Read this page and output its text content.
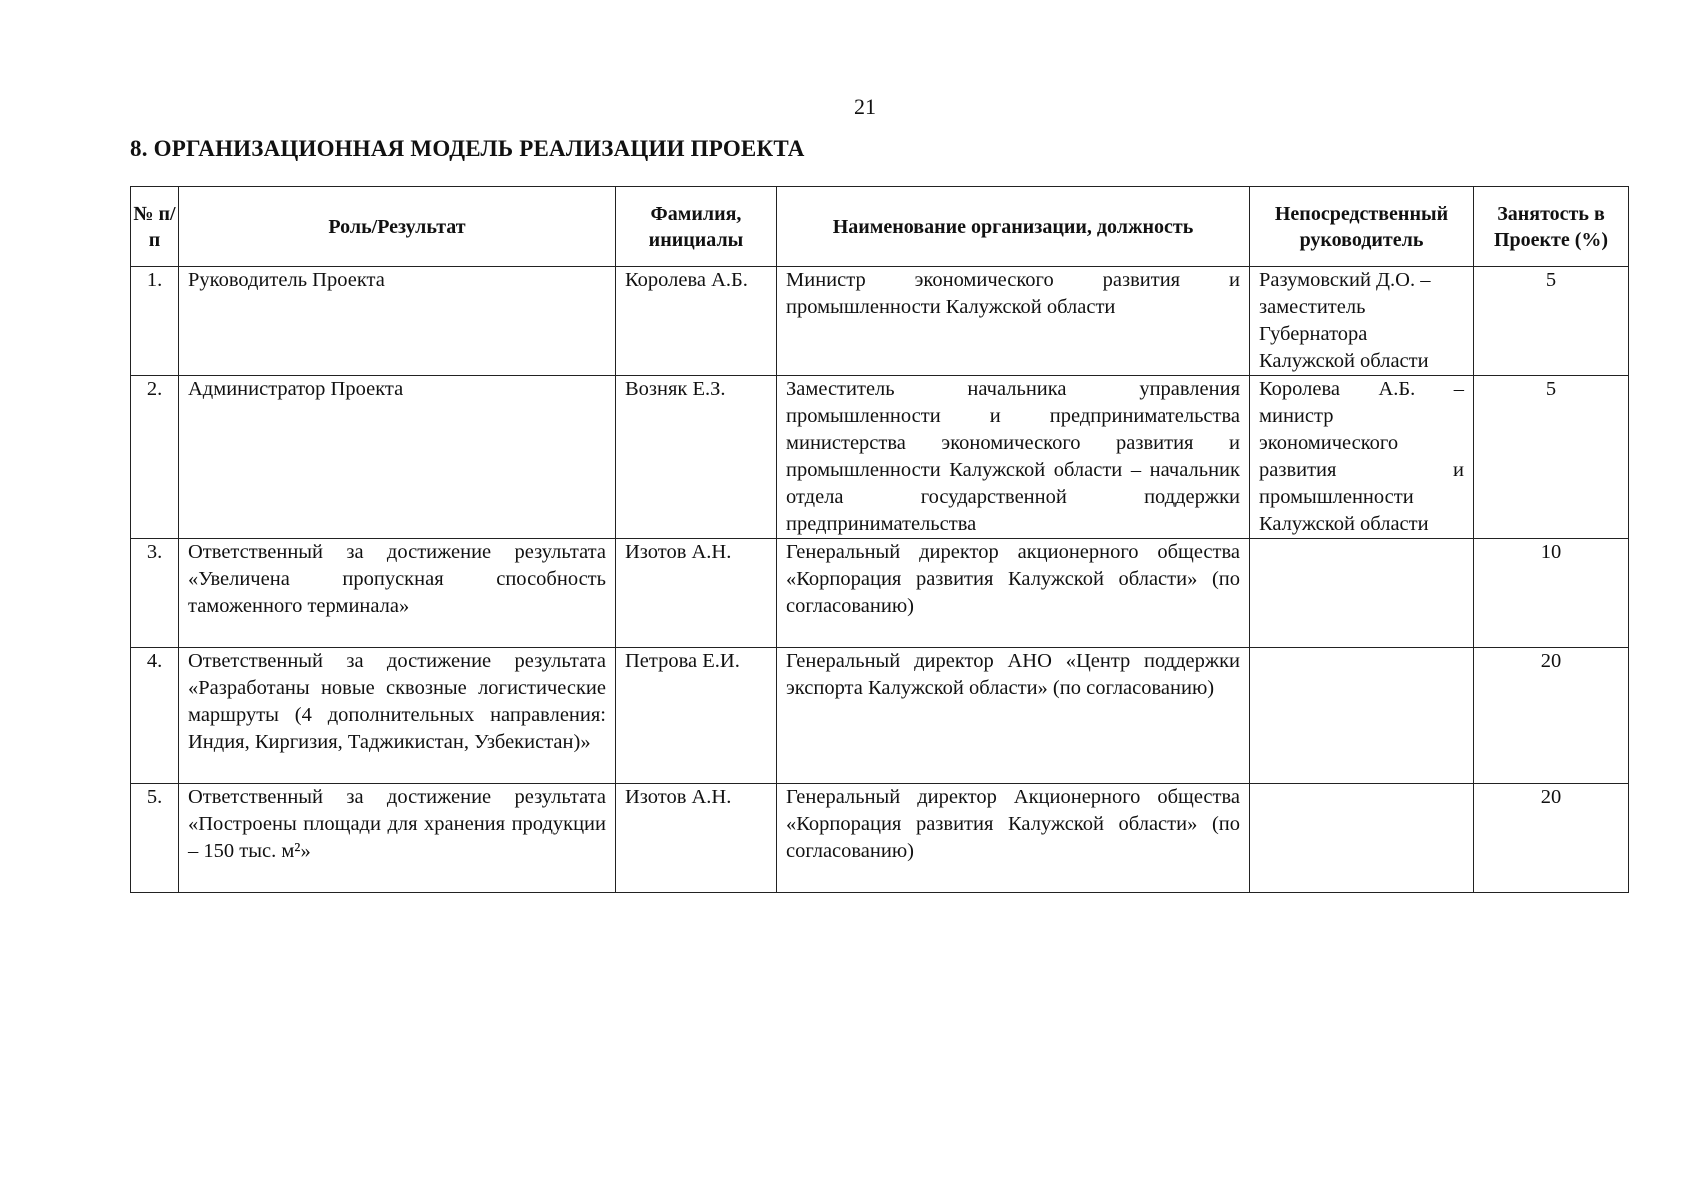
21
8. ОРГАНИЗАЦИОННАЯ МОДЕЛЬ РЕАЛИЗАЦИИ ПРОЕКТА
№ п/п	Роль/Результат	Фамилия, инициалы	Наименование организации, должность	Непосредственный руководитель	Занятость в Проекте (%)
1.	Руководитель Проекта	Королева А.Б.	Министр экономического развития и промышленности Калужской области	Разумовский Д.О. – заместитель Губернатора Калужской области	5
2.	Администратор Проекта	Возняк Е.З.	Заместитель начальника управления промышленности и предпринимательства министерства экономического развития и промышленности Калужской области – начальник отдела государственной поддержки предпринимательства	Королева А.Б. – министр экономического развития и промышленности Калужской области	5
3.	Ответственный за достижение результата «Увеличена пропускная способность таможенного терминала»	Изотов А.Н.	Генеральный директор акционерного общества «Корпорация развития Калужской области» (по согласованию)		10
4.	Ответственный за достижение результата «Разработаны новые сквозные логистические маршруты (4 дополнительных направления: Индия, Киргизия, Таджикистан, Узбекистан)»	Петрова Е.И.	Генеральный директор АНО «Центр поддержки экспорта Калужской области» (по согласованию)		20
5.	Ответственный за достижение результата «Построены площади для хранения продукции – 150 тыс. м²»	Изотов А.Н.	Генеральный директор Акционерного общества «Корпорация развития Калужской области» (по согласованию)		20
